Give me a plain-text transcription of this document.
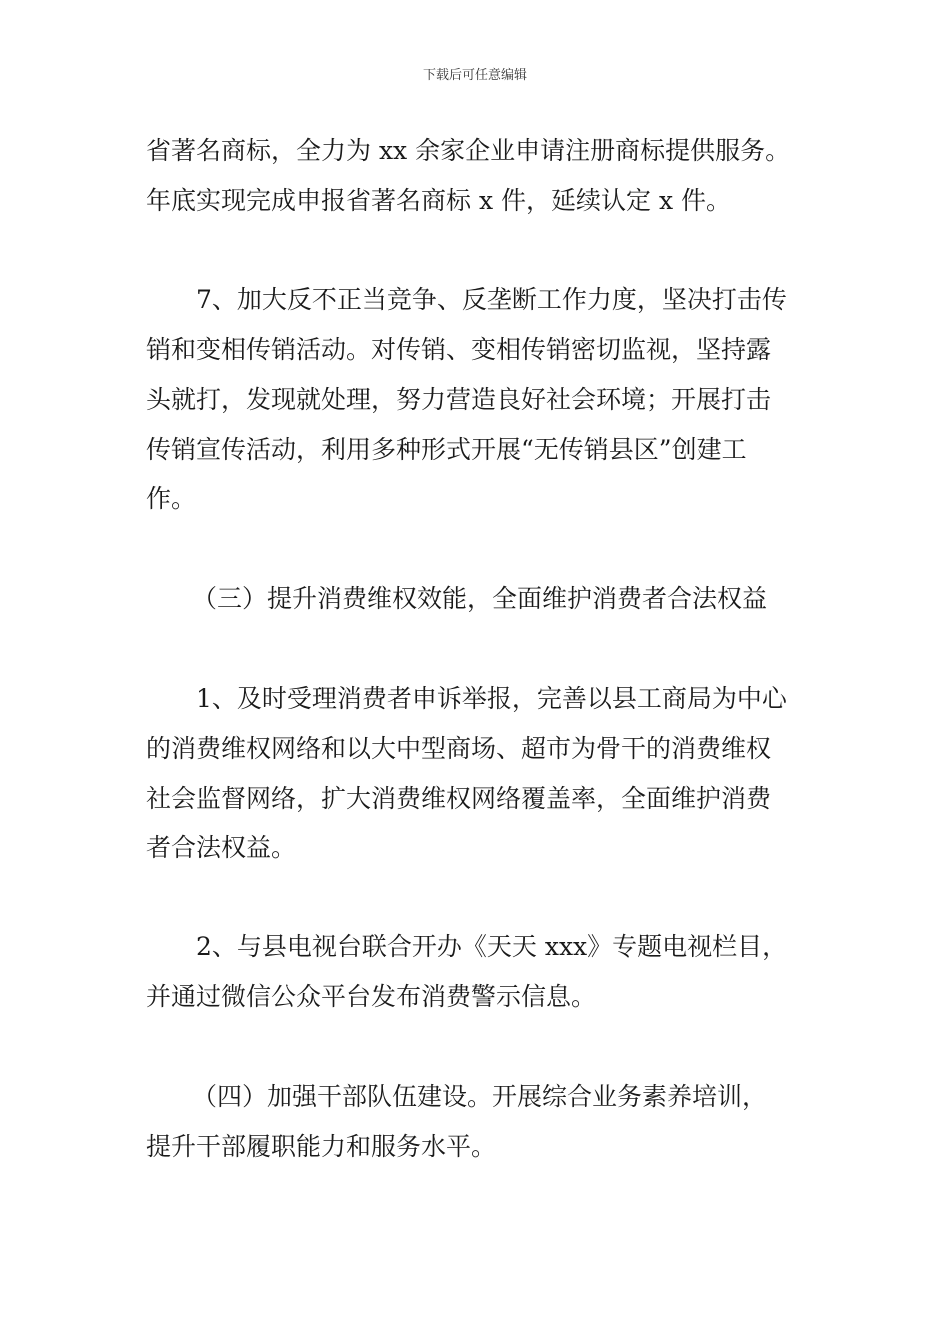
下载后可任意编辑
省著名商标，全力为 xx 余家企业申请注册商标提供服务。
年底实现完成申报省著名商标 x 件，延续认定 x 件。
7、加大反不正当竞争、反垄断工作力度，坚决打击传
销和变相传销活动。对传销、变相传销密切监视，坚持露
头就打，发现就处理，努力营造良好社会环境；开展打击
传销宣传活动，利用多种形式开展“无传销县区”创建工
作。
（三）提升消费维权效能，全面维护消费者合法权益
1、及时受理消费者申诉举报，完善以县工商局为中心
的消费维权网络和以大中型商场、超市为骨干的消费维权
社会监督网络，扩大消费维权网络覆盖率，全面维护消费
者合法权益。
2、与县电视台联合开办《天天 xxx》专题电视栏目，
并通过微信公众平台发布消费警示信息。
（四）加强干部队伍建设。开展综合业务素养培训，
提升干部履职能力和服务水平。
